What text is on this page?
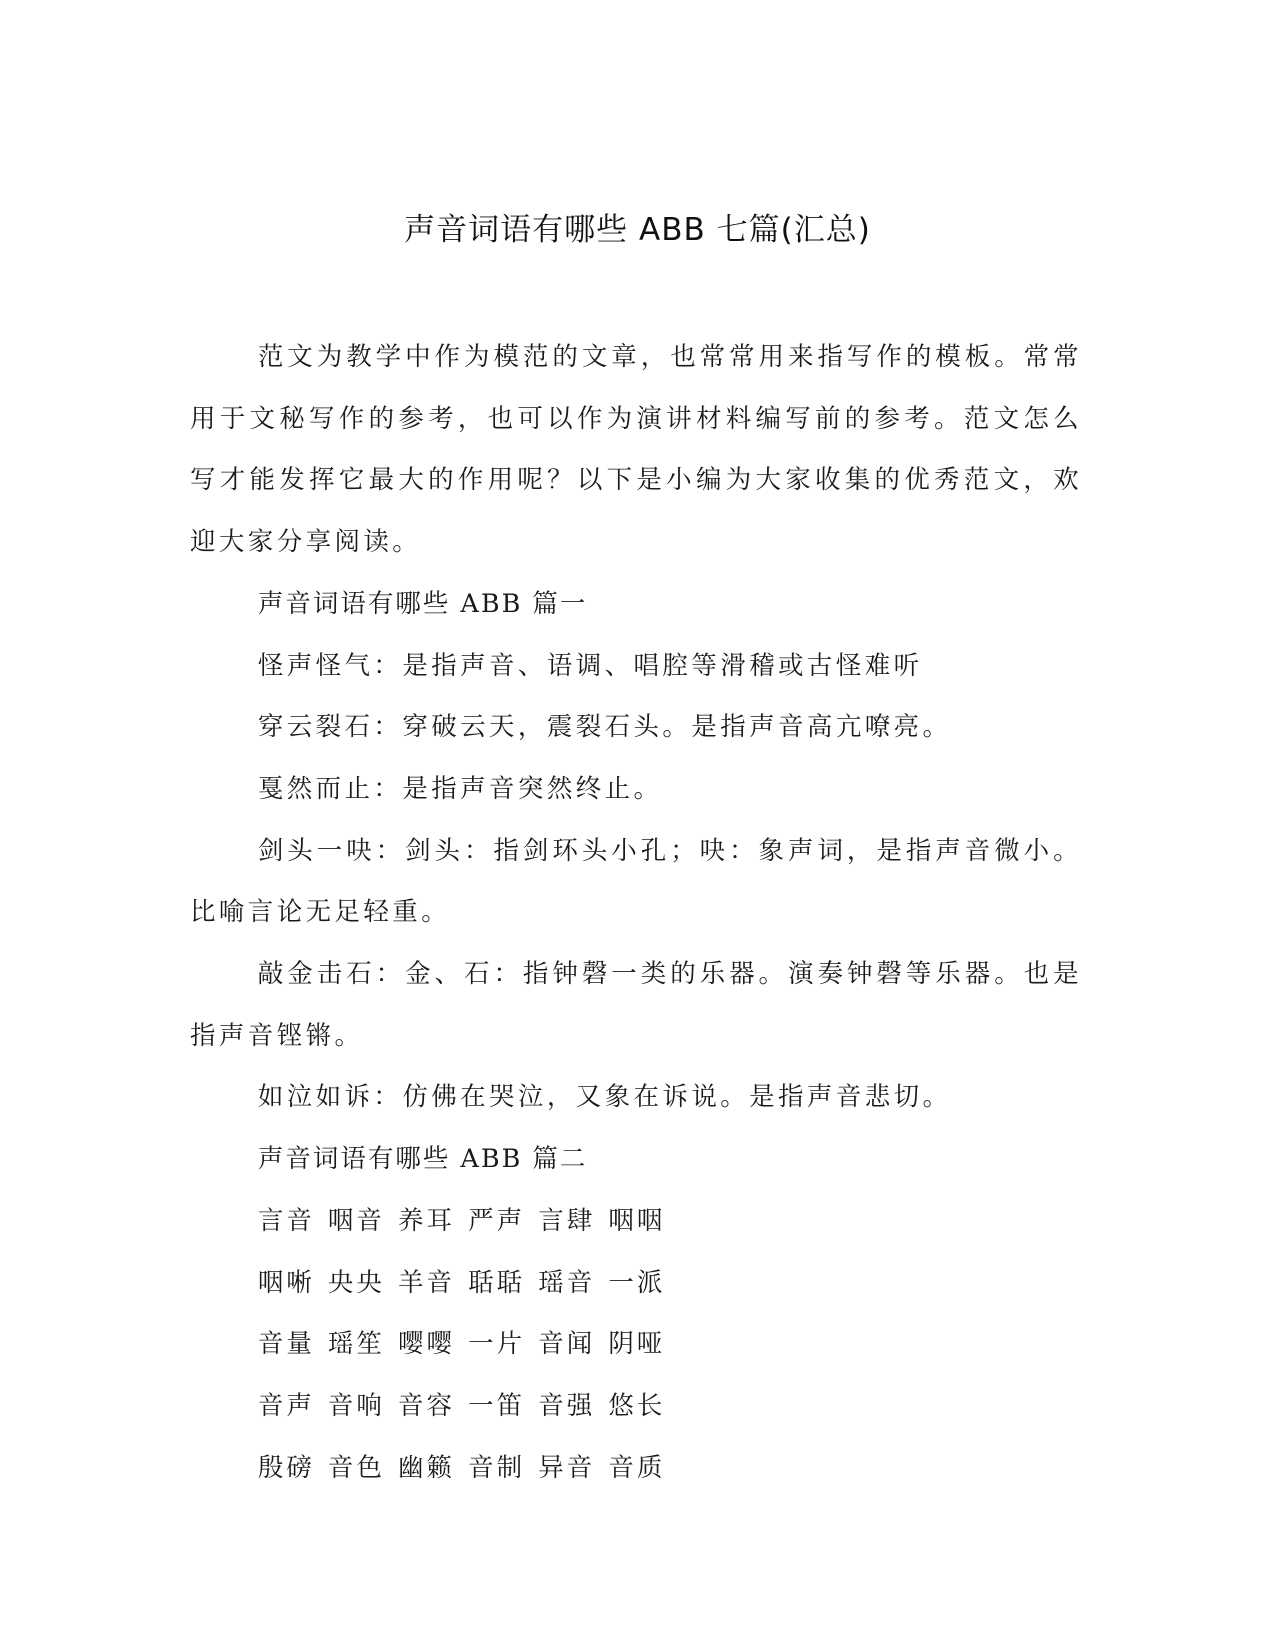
声音词语有哪些 ABB 七篇(汇总)

范文为教学中作为模范的文章，也常常用来指写作的模板。常常用于文秘写作的参考，也可以作为演讲材料编写前的参考。范文怎么写才能发挥它最大的作用呢？以下是小编为大家收集的优秀范文，欢迎大家分享阅读。

声音词语有哪些 ABB 篇一

怪声怪气：是指声音、语调、唱腔等滑稽或古怪难听

穿云裂石：穿破云天，震裂石头。是指声音高亢嘹亮。

戛然而止：是指声音突然终止。

剑头一吷：剑头：指剑环头小孔；吷：象声词，是指声音微小。比喻言论无足轻重。

敲金击石：金、石：指钟磬一类的乐器。演奏钟磬等乐器。也是指声音铿锵。

如泣如诉：仿佛在哭泣，又象在诉说。是指声音悲切。

声音词语有哪些 ABB 篇二

言音 咽音 养耳 严声 言肆 咽咽

咽唽 央央 羊音 聒聒 瑶音 一派

音量 瑶笙 嘤嘤 一片 音闻 阴哑

音声 音响 音容 一笛 音强 悠长

殷磅 音色 幽籁 音制 异音 音质
